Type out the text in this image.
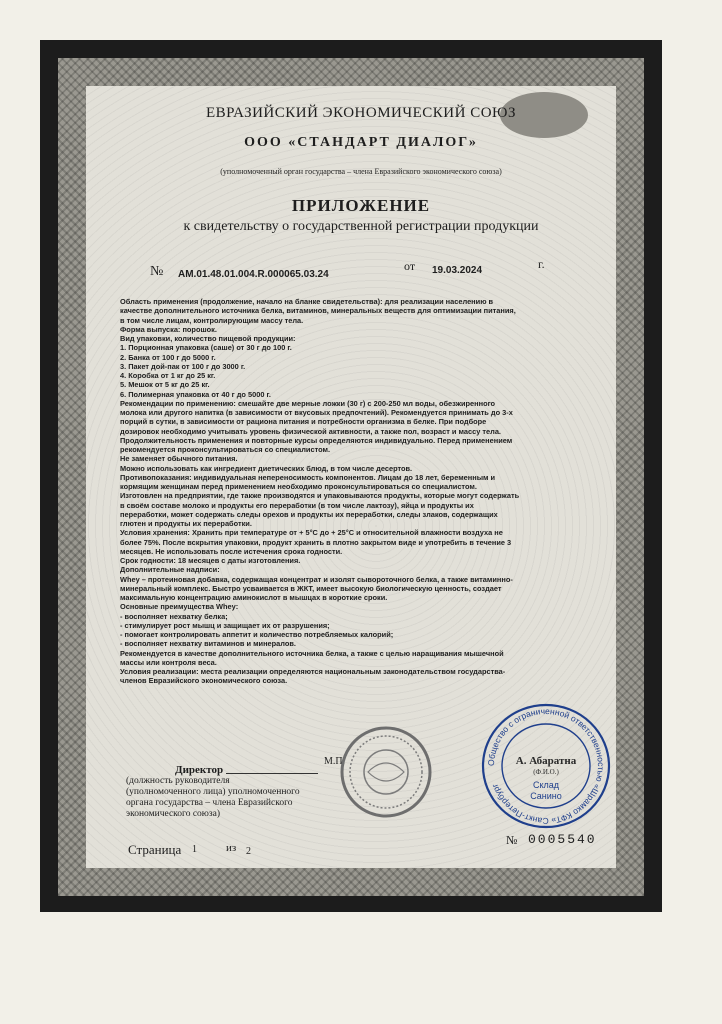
ЕВРАЗИЙСКИЙ ЭКОНОМИЧЕСКИЙ СОЮЗ
ООО «СТАНДАРТ ДИАЛОГ»
(уполномоченный орган государства – члена Евразийского экономического союза)
ПРИЛОЖЕНИЕ
к свидетельству о государственной регистрации продукции
№ AM.01.48.01.004.R.000065.03.24
от 19.03.2024	г.
Область применения (продолжение, начало на бланке свидетельства): для реализации населению в
качестве дополнительного источника белка, витаминов, минеральных веществ для оптимизации питания,
в том числе лицам, контролирующим массу тела.
Форма выпуска: порошок.
Вид упаковки, количество пищевой продукции:
1. Порционная упаковка (саше) от 30 г до 100 г.
2. Банка от 100 г до 5000 г.
3. Пакет дой-пак от 100 г до 3000 г.
4. Коробка от 1 кг до 25 кг.
5. Мешок от 5 кг до 25 кг.
6. Полимерная упаковка от 40 г до 5000 г.
Рекомендации по применению: смешайте две мерные ложки (30 г) с 200-250 мл воды, обезжиренного
молока или другого напитка (в зависимости от вкусовых предпочтений). Рекомендуется принимать до 3-х
порций в сутки, в зависимости от рациона питания и потребности организма в белке. При подборе
дозировок необходимо учитывать уровень физической активности, а также пол, возраст и массу тела.
Продолжительность применения и повторные курсы определяются индивидуально. Перед применением
рекомендуется проконсультироваться со специалистом.
Не заменяет обычного питания.
Можно использовать как ингредиент диетических блюд, в том числе десертов.
Противопоказания: индивидуальная непереносимость компонентов. Лицам до 18 лет, беременным и
кормящим женщинам перед применением необходимо проконсультироваться со специалистом.
Изготовлен на предприятии, где также производятся и упаковываются продукты, которые могут содержать
в своём составе молоко и продукты его переработки (в том числе лактозу), яйца и продукты их
переработки, может содержать следы орехов и продукты их переработки, следы злаков, содержащих
глютен и продукты их переработки.
Условия хранения: Хранить при температуре от + 5°С до + 25°С и относительной влажности воздуха не
более 75%. После вскрытия упаковки, продукт хранить в плотно закрытом виде и употребить в течение 3
месяцев. Не использовать после истечения срока годности.
Срок годности: 18 месяцев с даты изготовления.
Дополнительные надписи:
Whey – протеиновая добавка, содержащая концентрат и изолят сывороточного белка, а также витаминно-
минеральный комплекс. Быстро усваивается в ЖКТ, имеет высокую биологическую ценность, создает
максимальную концентрацию аминокислот в мышцах в короткие сроки.
Основные преимущества Whey:
- восполняет нехватку белка;
- стимулирует рост мышц и защищает их от разрушения;
- помогает контролировать аппетит и количество потребляемых калорий;
- восполняет нехватку витаминов и минералов.
Рекомендуется в качестве дополнительного источника белка, а также с целью наращивания мышечной
массы или контроля веса.
Условия реализации: места реализации определяются национальным законодательством государства-
членов Евразийского экономического союза.
Директор
М.П.
(должность руководителя
(уполномоченного лица) уполномоченного
органа государства – члена Евразийского
экономического союза)
Общество с ограниченной ответственностью «Шрамко КФТ» Санкт-Петербург
А. Абаратна
(Ф.И.О.)
Склад
Санино
Страница 1	из 2
№ 0005540
